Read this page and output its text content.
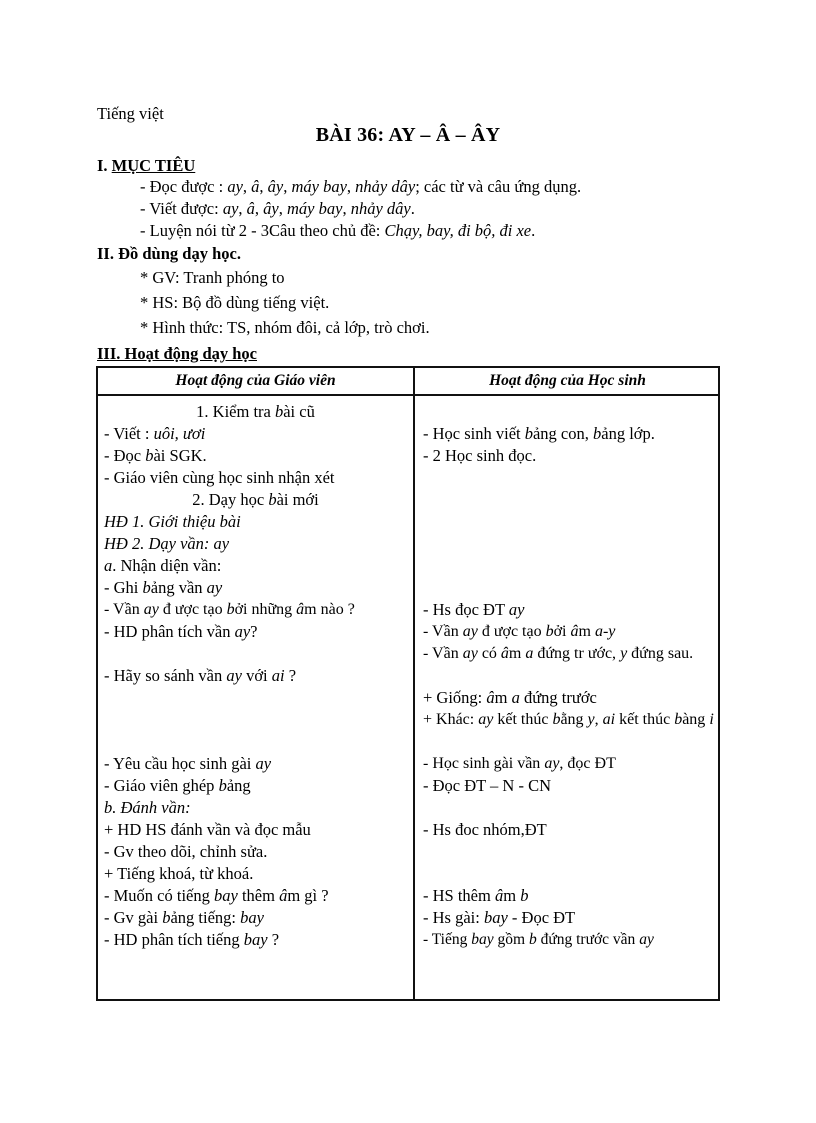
Tiếng việt
BÀI 36: AY – Â – ÂY
I. MỤC TIÊU
- Đọc được : ay, â, ây, máy bay, nhảy dây; các từ và câu ứng dụng.
- Viết được: ay, â, ây, máy bay, nhảy dây.
- Luyện nói từ 2 - 3Câu theo chủ đề: Chạy, bay, đi bộ, đi xe.
II. Đồ dùng dạy học.
* GV: Tranh phóng to
* HS: Bộ đồ dùng tiếng việt.
* Hình thức: TS, nhóm đôi, cả lớp, trò chơi.
III. Hoạt động dạy học
Hoạt động của Giáo viên	Hoạt động của Học sinh
1. Kiểm tra bài cũ
- Viết : uôi, ươi
- Đọc bài SGK.
- Giáo viên cùng học sinh nhận xét
2. Dạy học bài mới
HĐ 1. Giới thiệu bài
HĐ 2. Dạy vần: ay
a. Nhận diện vần:
- Ghi bảng vần ay
- Vần ay đ ược tạo bởi những âm nào ?
- HD phân tích vần ay?
- Hãy so sánh vần ay với ai ?
- Yêu cầu học sinh gài ay
- Giáo viên ghép bảng
b. Đánh vần:
+ HD HS đánh vần và đọc mẫu
- Gv theo dõi, chỉnh sửa.
+ Tiếng khoá, từ khoá.
- Muốn có tiếng bay thêm âm gì ?
- Gv gài bảng tiếng: bay
- HD phân tích tiếng bay ?
- Học sinh viết bảng con, bảng lớp.
- 2 Học sinh đọc.
- Hs đọc ĐT ay
- Vần ay đ ược tạo bởi âm a-y
- Vần ay có âm a đứng tr ước, y đứng sau.
+ Giống: âm a đứng trước
+ Khác: ay kết thúc bằng y, ai kết thúc bàng i
- Học sinh gài vần ay, đọc ĐT
- Đọc ĐT – N - CN
- Hs đoc nhóm,ĐT
- HS thêm âm b
- Hs gài: bay - Đọc ĐT
- Tiếng bay gồm b đứng trước vần ay
